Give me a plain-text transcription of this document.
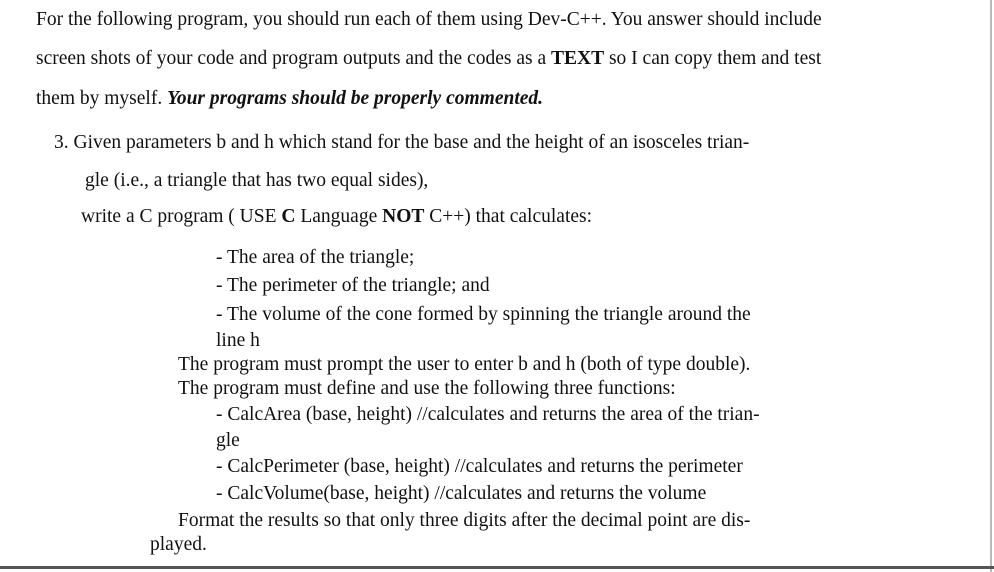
For the following program, you should run each of them using Dev-C++. You answer should include
screen shots of your code and program outputs and the codes as a TEXT so I can copy them and test
them by myself. Your programs should be properly commented.
3. Given parameters b and h which stand for the base and the height of an isosceles trian-
gle (i.e., a triangle that has two equal sides),
write a C program ( USE C Language NOT C++) that calculates:
- The area of the triangle;
- The perimeter of the triangle; and
- The volume of the cone formed by spinning the triangle around the
line h
The program must prompt the user to enter b and h (both of type double).
The program must define and use the following three functions:
- CalcArea (base, height) //calculates and returns the area of the trian-
gle
- CalcPerimeter (base, height) //calculates and returns the perimeter
- CalcVolume(base, height) //calculates and returns the volume
Format the results so that only three digits after the decimal point are dis-
played.
